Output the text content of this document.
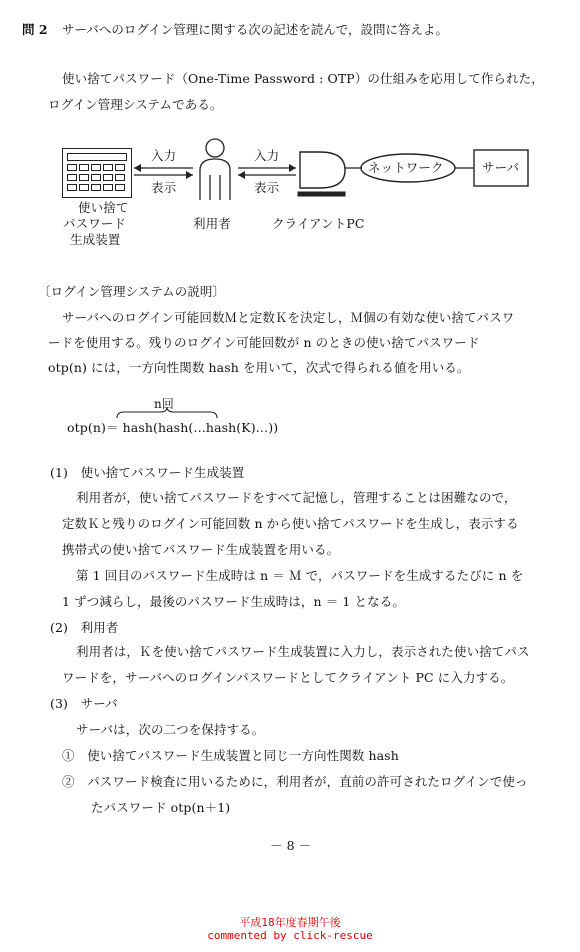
問 2 サーバへのログイン管理に関する次の記述を読んで，設問に答えよ。
使い捨てパスワード（One-Time Password : OTP）の仕組みを応用して作られた，
ログイン管理システムである。
使い捨て
パスワード
生成装置
入力
表示
利用者
入力
表示
クライアントPC
ネットワーク	サーバ
〔ログイン管理システムの説明〕
サーバへのログイン可能回数Ｍと定数Ｋを決定し，Ｍ個の有効な使い捨てパスワ
ードを使用する。残りのログイン可能回数が n のときの使い捨てパスワード
otp(n) には，一方向性関数 hash を用いて，次式で得られる値を用いる。
n回
otp(n)＝ hash(hash(…hash(K)…))
(1)　使い捨てパスワード生成装置
利用者が，使い捨てパスワードをすべて記憶し，管理することは困難なので，
定数Ｋと残りのログイン可能回数 n から使い捨てパスワードを生成し，表示する
携帯式の使い捨てパスワード生成装置を用いる。
第 1 回目のパスワード生成時は n ＝ Ｍ で，パスワードを生成するたびに n を
1 ずつ減らし，最後のパスワード生成時は，n ＝ 1 となる。
(2)　利用者
利用者は，Ｋを使い捨てパスワード生成装置に入力し，表示された使い捨てパス
ワードを，サーバへのログインパスワードとしてクライアント PC に入力する。
(3)　サーバ
サーバは，次の二つを保持する。
①　使い捨てパスワード生成装置と同じ一方向性関数 hash
②　パスワード検査に用いるために，利用者が，直前の許可されたログインで使っ
たパスワード otp(n＋1)
－ 8 －
平成18年度春期午後
commented by click-rescue
